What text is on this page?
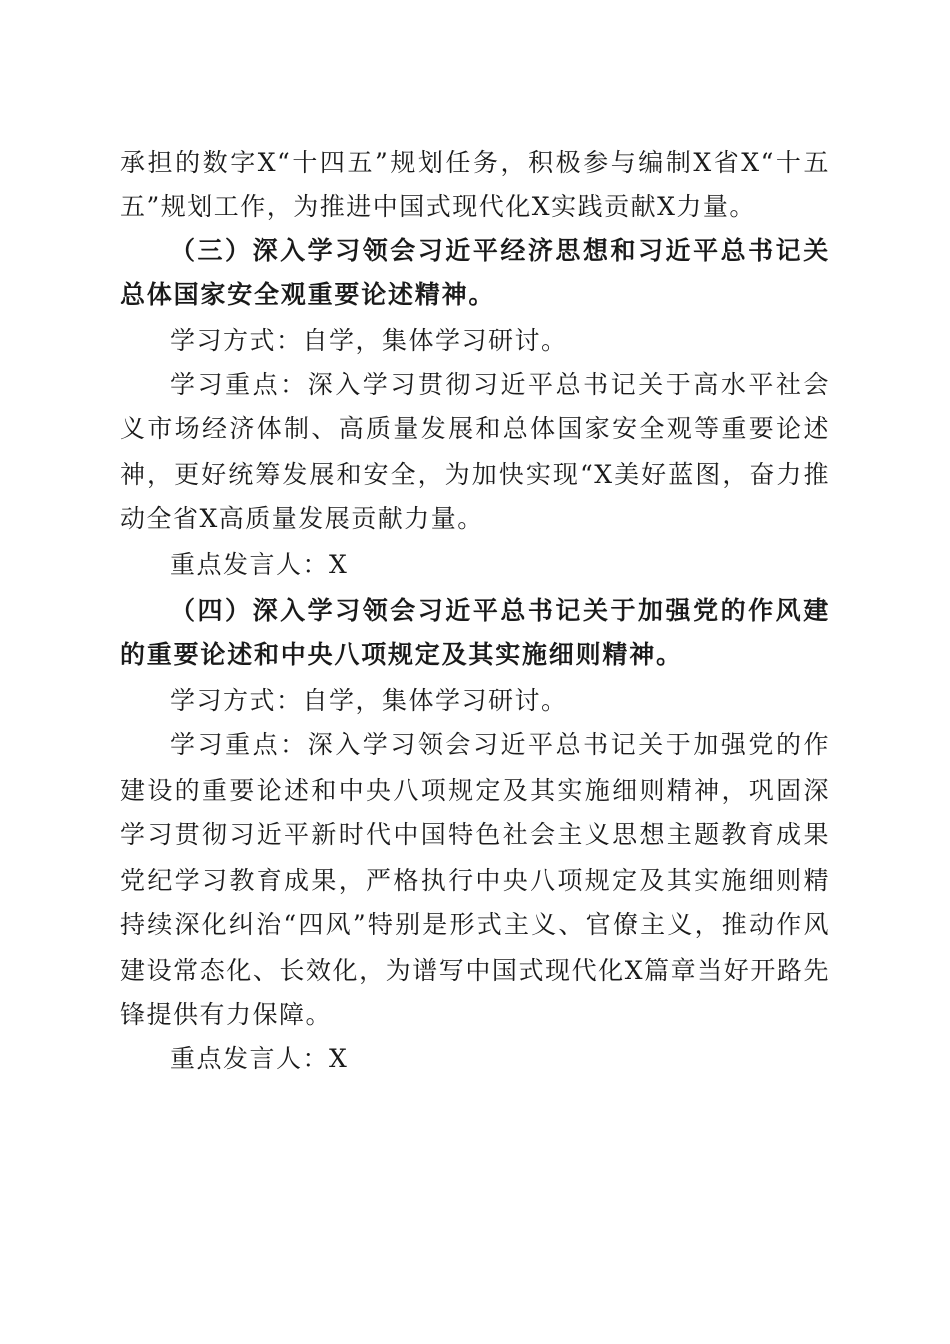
承担的数字X“十四五”规划任务，积极参与编制X省X“十五
五”规划工作，为推进中国式现代化X实践贡献X力量。
（三）深入学习领会习近平经济思想和习近平总书记关
总体国家安全观重要论述精神。
学习方式：自学，集体学习研讨。
学习重点：深入学习贯彻习近平总书记关于高水平社会
义市场经济体制、高质量发展和总体国家安全观等重要论述
神，更好统筹发展和安全，为加快实现“X美好蓝图，奋力推
动全省X高质量发展贡献力量。
重点发言人：X
（四）深入学习领会习近平总书记关于加强党的作风建
的重要论述和中央八项规定及其实施细则精神。
学习方式：自学，集体学习研讨。
学习重点：深入学习领会习近平总书记关于加强党的作
建设的重要论述和中央八项规定及其实施细则精神，巩固深
学习贯彻习近平新时代中国特色社会主义思想主题教育成果
党纪学习教育成果，严格执行中央八项规定及其实施细则精
持续深化纠治“四风”特别是形式主义、官僚主义，推动作风
建设常态化、长效化，为谱写中国式现代化X篇章当好开路先
锋提供有力保障。
重点发言人：X
